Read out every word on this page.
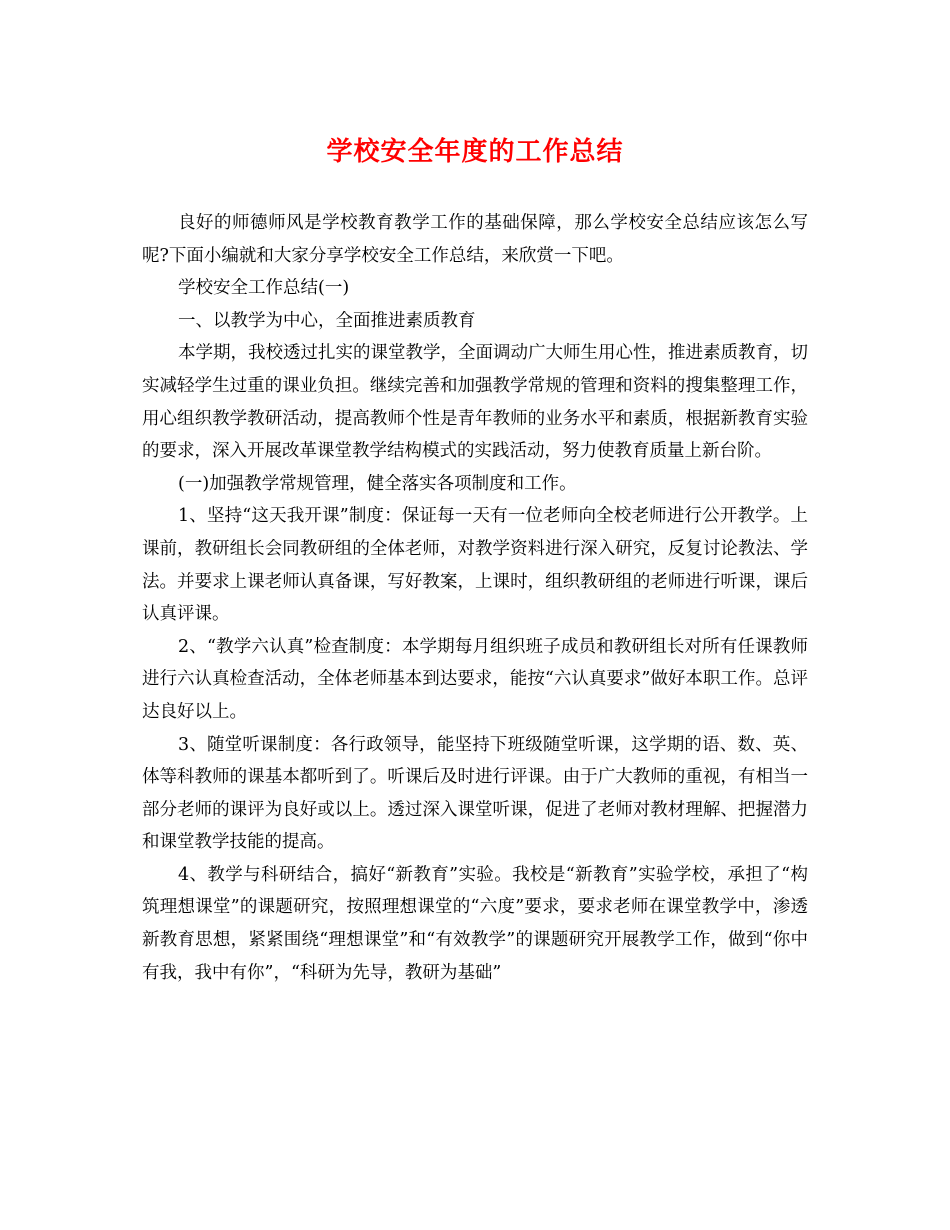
学校安全年度的工作总结

良好的师德师风是学校教育教学工作的基础保障，那么学校安全总结应该怎么写呢?下面小编就和大家分享学校安全工作总结，来欣赏一下吧。

学校安全工作总结(一)

一、以教学为中心，全面推进素质教育

本学期，我校透过扎实的课堂教学，全面调动广大师生用心性，推进素质教育，切实减轻学生过重的课业负担。继续完善和加强教学常规的管理和资料的搜集整理工作，用心组织教学教研活动，提高教师个性是青年教师的业务水平和素质，根据新教育实验的要求，深入开展改革课堂教学结构模式的实践活动，努力使教育质量上新台阶。

(一)加强教学常规管理，健全落实各项制度和工作。

1、坚持“这天我开课”制度：保证每一天有一位老师向全校老师进行公开教学。上课前，教研组长会同教研组的全体老师，对教学资料进行深入研究，反复讨论教法、学法。并要求上课老师认真备课，写好教案，上课时，组织教研组的老师进行听课，课后认真评课。

2、“教学六认真”检查制度：本学期每月组织班子成员和教研组长对所有任课教师进行六认真检查活动，全体老师基本到达要求，能按“六认真要求”做好本职工作。总评达良好以上。

3、随堂听课制度：各行政领导，能坚持下班级随堂听课，这学期的语、数、英、体等科教师的课基本都听到了。听课后及时进行评课。由于广大教师的重视，有相当一部分老师的课评为良好或以上。透过深入课堂听课，促进了老师对教材理解、把握潜力和课堂教学技能的提高。

4、教学与科研结合，搞好“新教育”实验。我校是“新教育”实验学校，承担了“构筑理想课堂”的课题研究，按照理想课堂的“六度”要求，要求老师在课堂教学中，渗透新教育思想，紧紧围绕“理想课堂”和“有效教学”的课题研究开展教学工作，做到“你中有我，我中有你”，“科研为先导，教研为基础”
